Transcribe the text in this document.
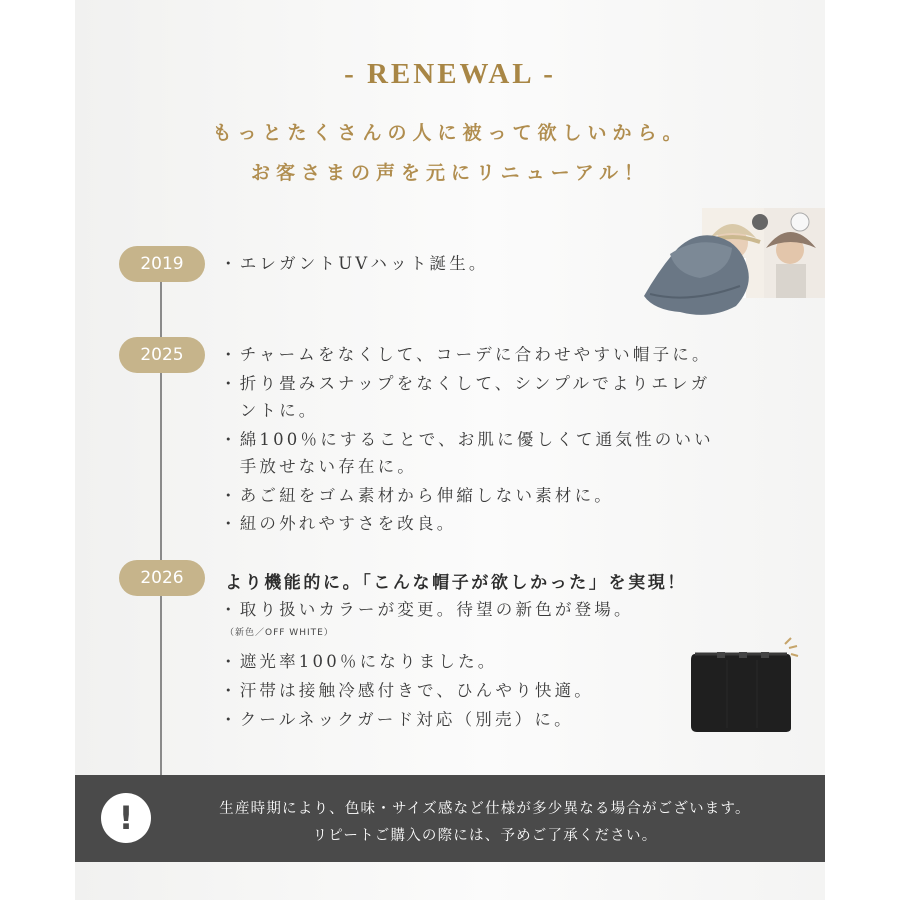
- RENEWAL -

もっとたくさんの人に被って欲しいから。

お客さまの声を元にリニューアル！

2019	・エレガントUVハット誕生。

2025	・チャームをなくして、コーデに合わせやすい帽子に。

・折り畳みスナップをなくして、シンプルでよりエレガ

　ントに。

・綿100％にすることで、お肌に優しくて通気性のいい

　手放せない存在に。

・あご紐をゴム素材から伸縮しない素材に。

・紐の外れやすさを改良。

2026	より機能的に。「こんな帽子が欲しかった」を実現！

・取り扱いカラーが変更。待望の新色が登場。

（新色／OFF WHITE）

・遮光率100％になりました。

・汗帯は接触冷感付きで、ひんやり快適。

・クールネックガード対応（別売）に。

!	生産時期により、色味・サイズ感など仕様が多少異なる場合がございます。
リピートご購入の際には、予めご了承ください。
